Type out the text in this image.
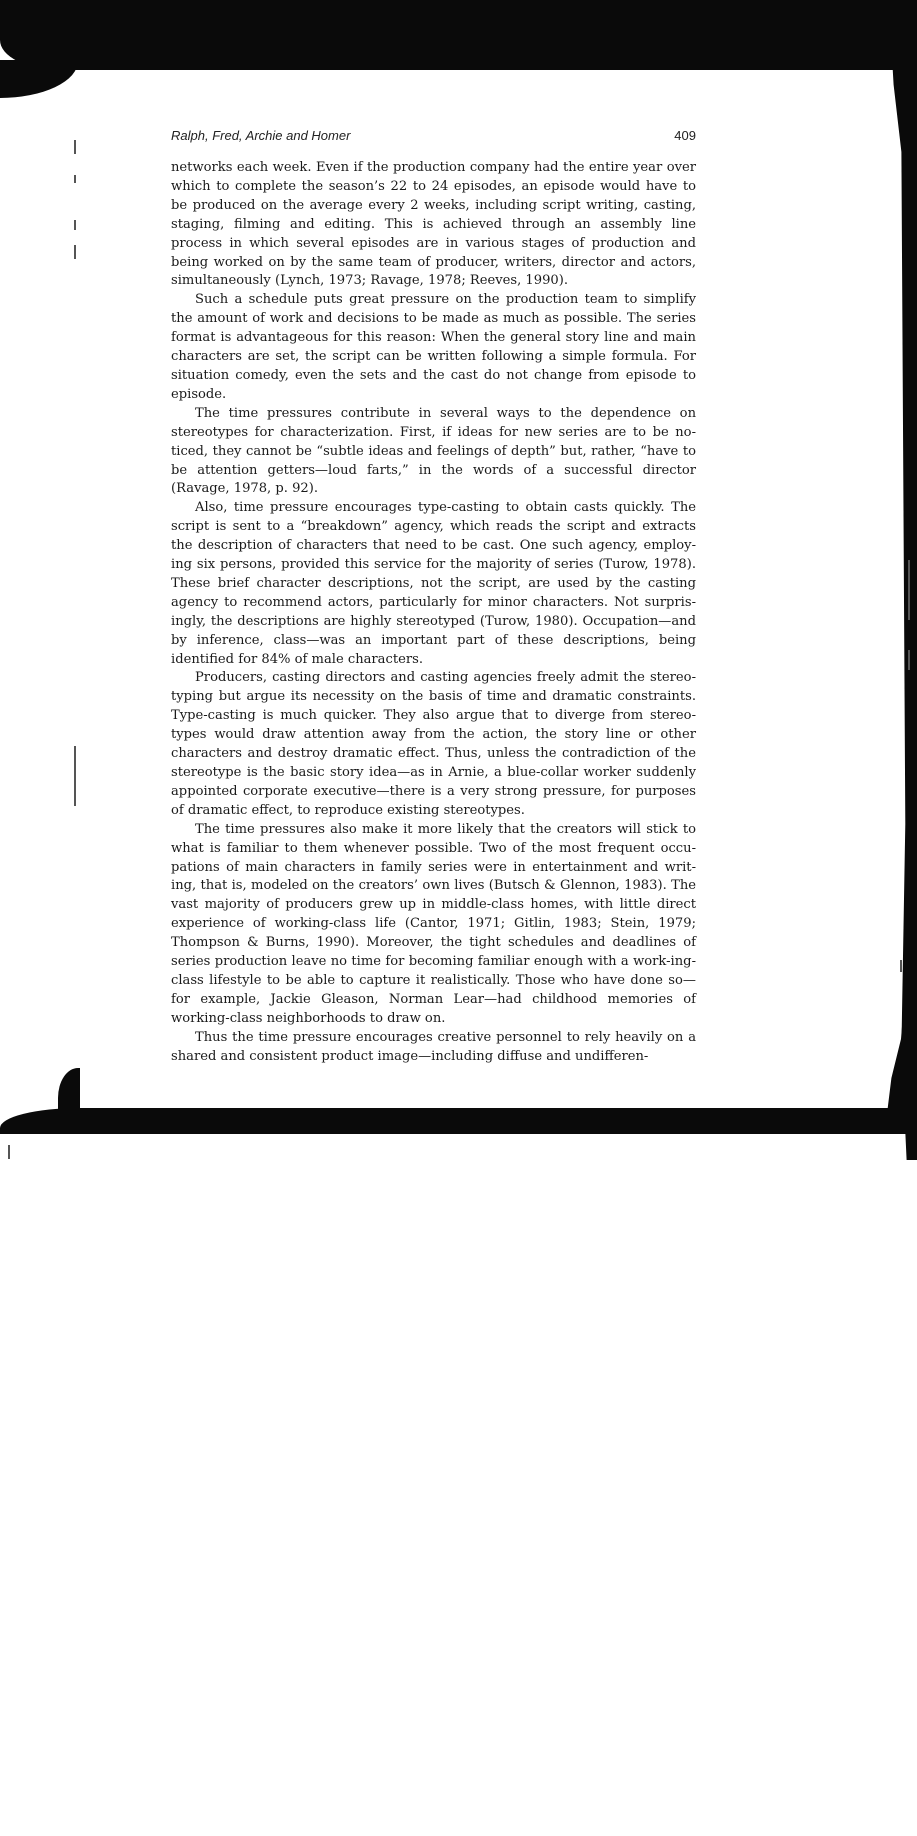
Ralph, Fred, Archie and Homer	409

networks each week. Even if the production company had the entire year over which to complete the season’s 22 to 24 episodes, an episode would have to be produced on the average every 2 weeks, including script writing, casting, staging, filming and editing. This is achieved through an assembly line process in which several episodes are in various stages of production and being worked on by the same team of producer, writers, director and actors, simultaneously (Lynch, 1973; Ravage, 1978; Reeves, 1990).

Such a schedule puts great pressure on the production team to simplify the amount of work and decisions to be made as much as possible. The series format is advantageous for this reason: When the general story line and main characters are set, the script can be written following a simple formula. For situation comedy, even the sets and the cast do not change from episode to episode.

The time pressures contribute in several ways to the dependence on stereotypes for characterization. First, if ideas for new series are to be no-ticed, they cannot be “subtle ideas and feelings of depth” but, rather, “have to be attention getters—loud farts,” in the words of a successful director (Ravage, 1978, p. 92).

Also, time pressure encourages type-casting to obtain casts quickly. The script is sent to a “breakdown” agency, which reads the script and extracts the description of characters that need to be cast. One such agency, employ-ing six persons, provided this service for the majority of series (Turow, 1978). These brief character descriptions, not the script, are used by the casting agency to recommend actors, particularly for minor characters. Not surpris-ingly, the descriptions are highly stereotyped (Turow, 1980). Occupation—and by inference, class—was an important part of these descriptions, being identified for 84% of male characters.

Producers, casting directors and casting agencies freely admit the stereo-typing but argue its necessity on the basis of time and dramatic constraints. Type-casting is much quicker. They also argue that to diverge from stereo-types would draw attention away from the action, the story line or other characters and destroy dramatic effect. Thus, unless the contradiction of the stereotype is the basic story idea—as in Arnie, a blue-collar worker suddenly appointed corporate executive—there is a very strong pressure, for purposes of dramatic effect, to reproduce existing stereotypes.

The time pressures also make it more likely that the creators will stick to what is familiar to them whenever possible. Two of the most frequent occu-pations of main characters in family series were in entertainment and writ-ing, that is, modeled on the creators’ own lives (Butsch & Glennon, 1983). The vast majority of producers grew up in middle-class homes, with little direct experience of working-class life (Cantor, 1971; Gitlin, 1983; Stein, 1979; Thompson & Burns, 1990). Moreover, the tight schedules and deadlines of series production leave no time for becoming familiar enough with a work-ing-class lifestyle to be able to capture it realistically. Those who have done so—for example, Jackie Gleason, Norman Lear—had childhood memories of working-class neighborhoods to draw on.

Thus the time pressure encourages creative personnel to rely heavily on a shared and consistent product image—including diffuse and undifferen-
